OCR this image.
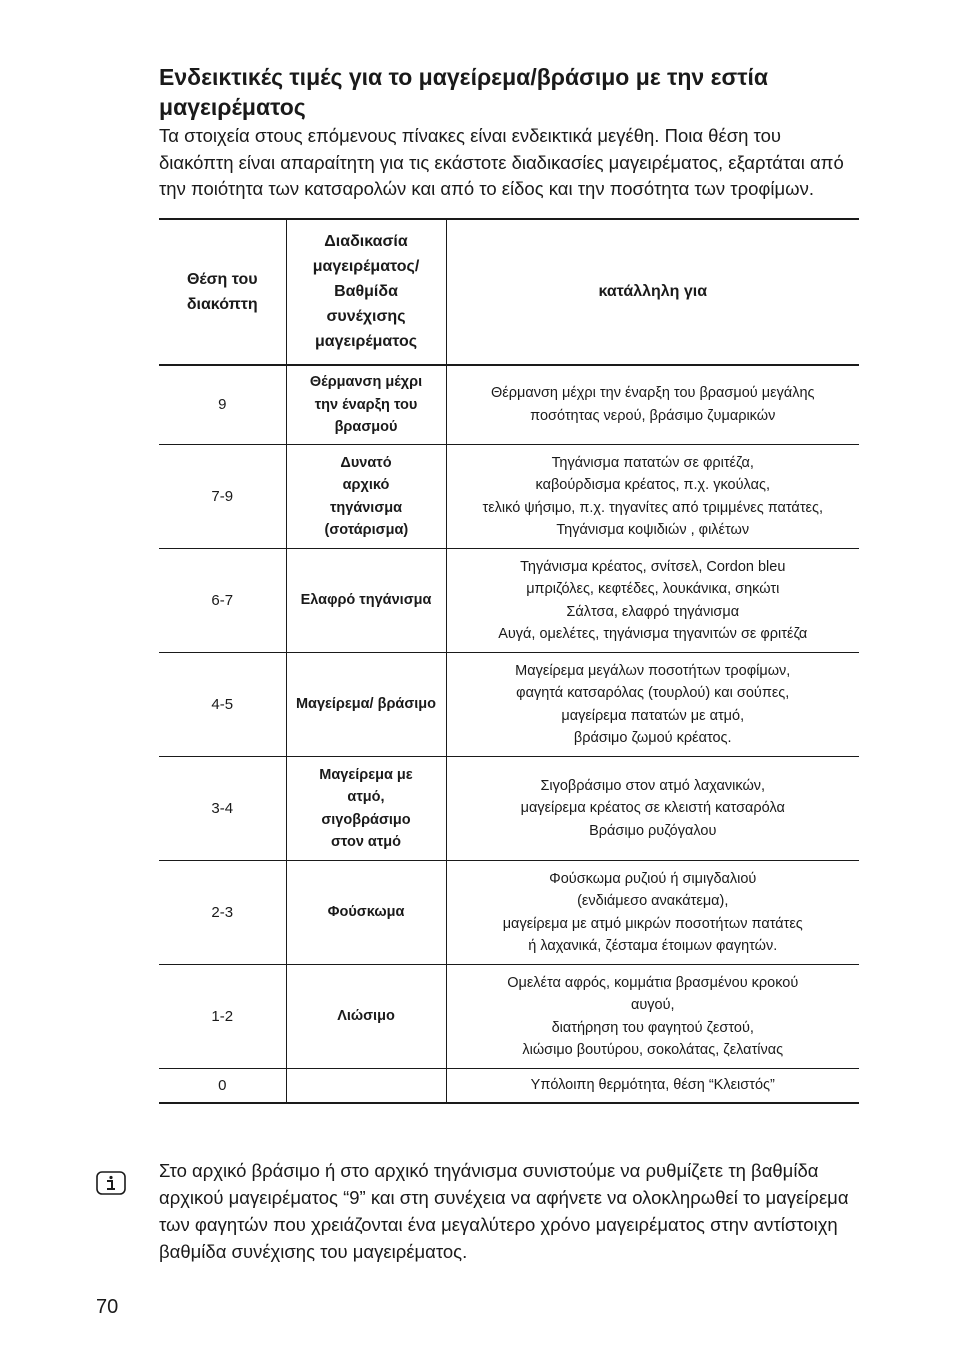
Ενδεικτικές τιμές για το μαγείρεμα/βράσιμο με την εστία μαγειρέματος

Τα στοιχεία στους επόμενους πίνακες είναι ενδεικτικά μεγέθη. Ποια θέση του διακόπτη είναι απαραίτητη για τις εκάστοτε διαδικασίες μαγειρέματος, εξαρτάται από την ποιότητα των κατσαρολών και από το είδος και την ποσότητα των τροφίμων.

Θέση του διακόπτη	Διαδικασία μαγειρέματος/ Βαθμίδα συνέχισης μαγειρέματος	κατάλληλη για
9	Θέρμανση μέχρι την έναρξη του βρασμού	Θέρμανση μέχρι την έναρξη του βρασμού μεγάλης
ποσότητας νερού, βράσιμο ζυμαρικών

7-9	Δυνατό αρχικό τηγάνισμα (σοτάρισμα)	Τηγάνισμα πατατών σε φριτέζα,
καβούρδισμα κρέατος, π.χ. γκούλας,
τελικό ψήσιμο, π.χ. τηγανίτες από τριμμένες πατάτες,
Τηγάνισμα κοψιδιών , φιλέτων

6-7	Ελαφρό τηγάνισμα	Τηγάνισμα κρέατος, σνίτσελ, Cordon bleu
μπριζόλες, κεφτέδες, λουκάνικα, σηκώτι
Σάλτσα, ελαφρό τηγάνισμα
Αυγά, ομελέτες, τηγάνισμα τηγανιτών σε φριτέζα

4-5	Μαγείρεμα/ βράσιμο	Μαγείρεμα μεγάλων ποσοτήτων τροφίμων,
φαγητά κατσαρόλας (τουρλού) και σούπες,
μαγείρεμα πατατών με ατμό,
βράσιμο ζωμού κρέατος.

3-4	Μαγείρεμα με ατμό, σιγοβράσιμο στον ατμό	Σιγοβράσιμο στον ατμό λαχανικών,
μαγείρεμα κρέατος σε κλειστή κατσαρόλα
Βράσιμο ρυζόγαλου

2-3	Φούσκωμα	Φούσκωμα ρυζιού ή σιμιγδαλιού
(ενδιάμεσο ανακάτεμα),
μαγείρεμα με ατμό μικρών ποσοτήτων πατάτες
ή λαχανικά, ζέσταμα έτοιμων φαγητών.

1-2	Λιώσιμο	Ομελέτα αφρός, κομμάτια βρασμένου κροκού
αυγού,
διατήρηση του φαγητού ζεστού,
λιώσιμο βουτύρου, σοκολάτας, ζελατίνας

0		Υπόλοιπη θερμότητα, θέση “Κλειστός”

Στο αρχικό βράσιμο ή στο αρχικό τηγάνισμα συνιστούμε να ρυθμίζετε τη βαθμίδα αρχικού μαγειρέματος “9” και στη συνέχεια να αφήνετε να ολοκληρωθεί το μαγείρεμα των φαγητών που χρειάζονται ένα μεγαλύτερο χρόνο μαγειρέματος στην αντίστοιχη βαθμίδα συνέχισης του μαγειρέματος.

70
